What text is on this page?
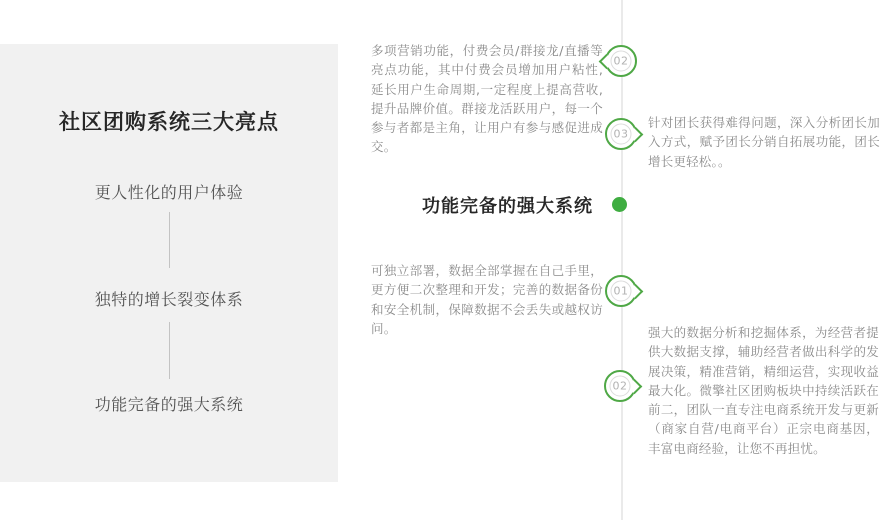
社区团购系统三大亮点
更人性化的用户体验
独特的增长裂变体系
功能完备的强大系统
多项营销功能，付费会员/群接龙/直播等亮点功能，其中付费会员增加用户粘性,延长用户生命周期,一定程度上提高营收,提升品牌价值。群接龙活跃用户，每一个参与者都是主角，让用户有参与感促进成交。
02
针对团长获得难得问题，深入分析团长加入方式，赋予团长分销自拓展功能，团长增长更轻松。。
03
功能完备的强大系统
可独立部署，数据全部掌握在自己手里，更方便二次整理和开发；完善的数据备份 和安全机制，保障数据不会丢失或越权访问。
01
强大的数据分析和挖掘体系，为经营者提供大数据支撑，辅助经营者做出科学的发展决策，精准营销，精细运营，实现收益最大化。微擎社区团购板块中持续活跃在前二，团队一直专注电商系统开发与更新（商家自营/电商平台）正宗电商基因，丰富电商经验，让您不再担忧。
02
